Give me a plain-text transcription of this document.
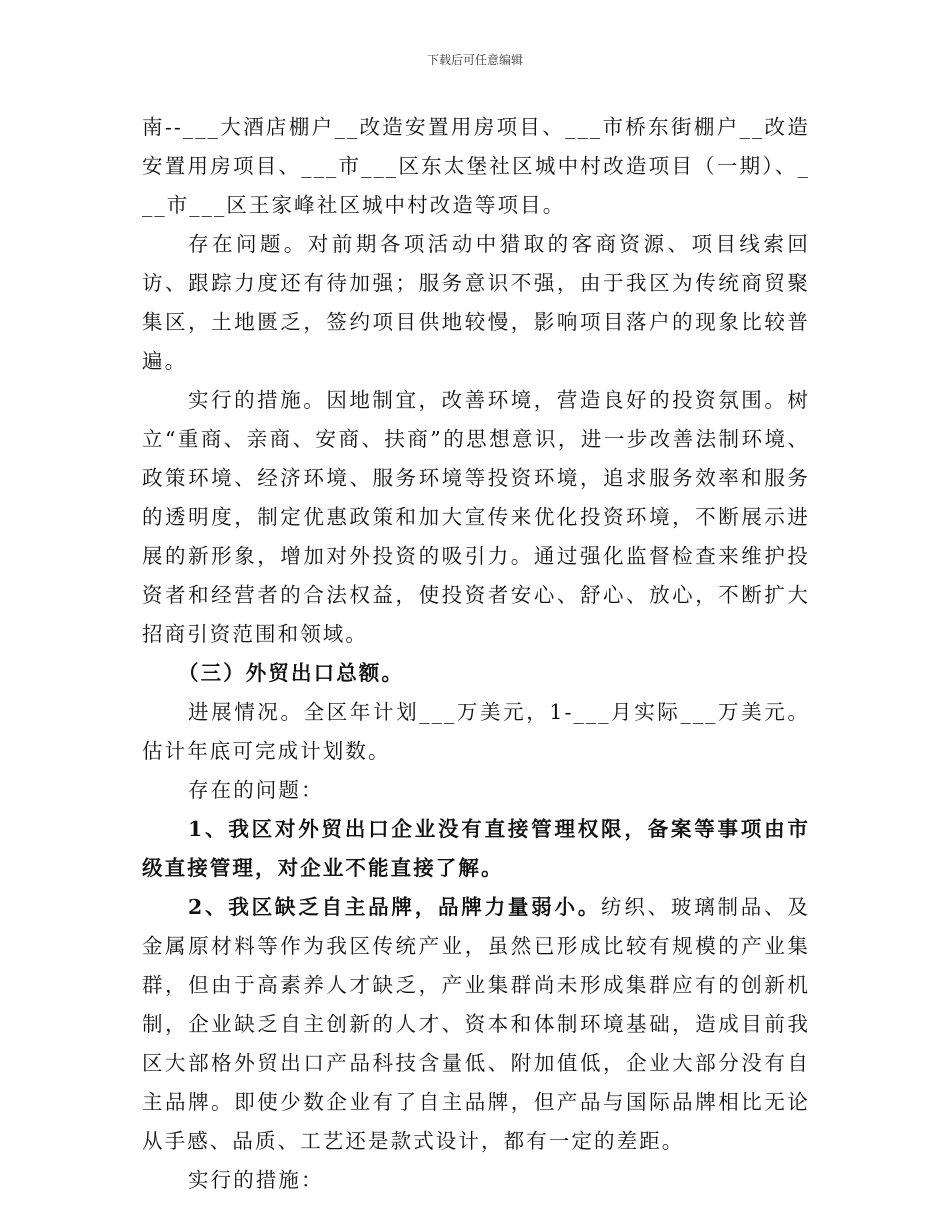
下载后可任意编辑

南--___大酒店棚户__改造安置用房项目、___市桥东街棚户__改造安置用房项目、___市___区东太堡社区城中村改造项目（一期）、___市___区王家峰社区城中村改造等项目。

存在问题。对前期各项活动中猎取的客商资源、项目线索回访、跟踪力度还有待加强；服务意识不强，由于我区为传统商贸聚集区，土地匮乏，签约项目供地较慢，影响项目落户的现象比较普遍。

实行的措施。因地制宜，改善环境，营造良好的投资氛围。树立“重商、亲商、安商、扶商”的思想意识，进一步改善法制环境、政策环境、经济环境、服务环境等投资环境，追求服务效率和服务的透明度，制定优惠政策和加大宣传来优化投资环境，不断展示进展的新形象，增加对外投资的吸引力。通过强化监督检查来维护投资者和经营者的合法权益，使投资者安心、舒心、放心，不断扩大招商引资范围和领域。

（三）外贸出口总额。

进展情况。全区年计划___万美元，1-___月实际___万美元。估计年底可完成计划数。

存在的问题：

1、我区对外贸出口企业没有直接管理权限，备案等事项由市级直接管理，对企业不能直接了解。

2、我区缺乏自主品牌，品牌力量弱小。纺织、玻璃制品、及金属原材料等作为我区传统产业，虽然已形成比较有规模的产业集群，但由于高素养人才缺乏，产业集群尚未形成集群应有的创新机制，企业缺乏自主创新的人才、资本和体制环境基础，造成目前我区大部格外贸出口产品科技含量低、附加值低，企业大部分没有自主品牌。即使少数企业有了自主品牌，但产品与国际品牌相比无论从手感、品质、工艺还是款式设计，都有一定的差距。

实行的措施：
